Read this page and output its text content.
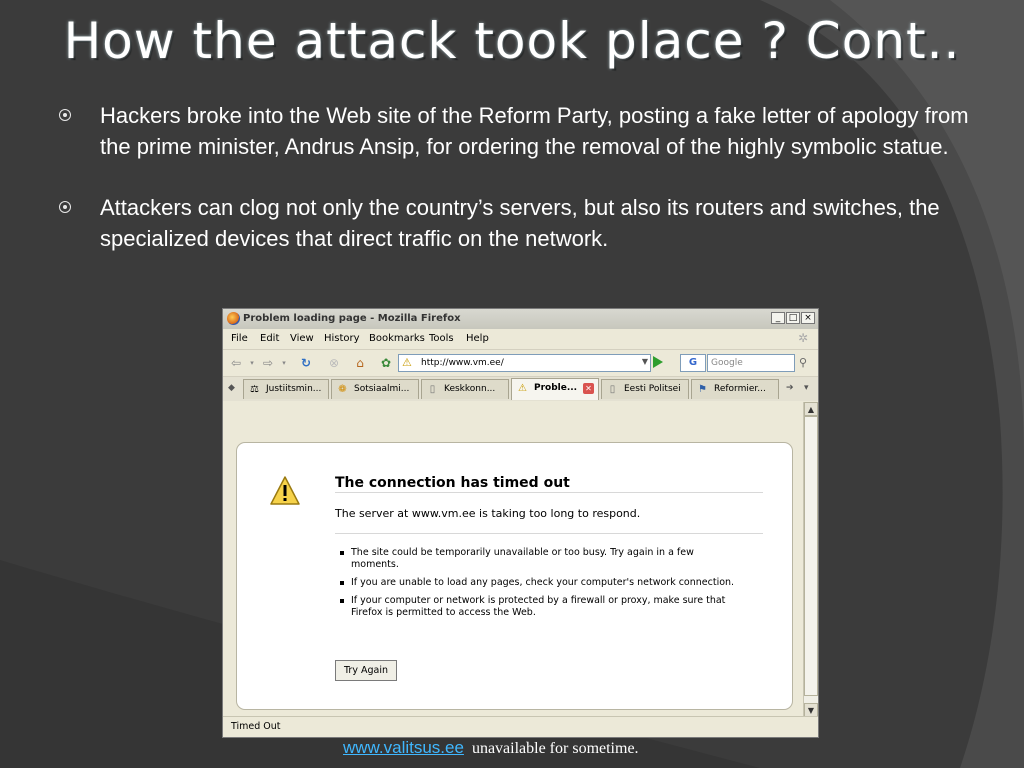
How the attack took place ? Cont..
Hackers broke into the Web site of the Reform Party, posting a fake letter of apology from the prime minister, Andrus Ansip, for ordering the removal of the highly symbolic statue.
Attackers can clog not only the country’s servers, but also its routers and switches, the specialized devices that direct traffic on the network.
Problem loading page - Mozilla Firefox	_ □ ×
File Edit View History Bookmarks Tools Help	✲
⇦	▾ ⇨	▾	↻ ⊗ ⌂ ✿ ⚠ http://www.vm.ee/	▼	G	Google	⚲
◆ ⚖ Justiitsmin...	❁ Sotsiaalmi...	▯ Keskkonn...	⚠ Proble... ✕ ▯ Eesti Politsei	⚑ Reformier...	➔ ▾
The connection has timed out
The server at www.vm.ee is taking too long to respond.
The site could be temporarily unavailable or too busy. Try again in a few moments.
If you are unable to load any pages, check your computer's network connection.
If your computer or network is protected by a firewall or proxy, make sure that Firefox is permitted to access the Web.
Try Again
▲
▼
Timed Out
www.valitsus.ee unavailable for sometime.
